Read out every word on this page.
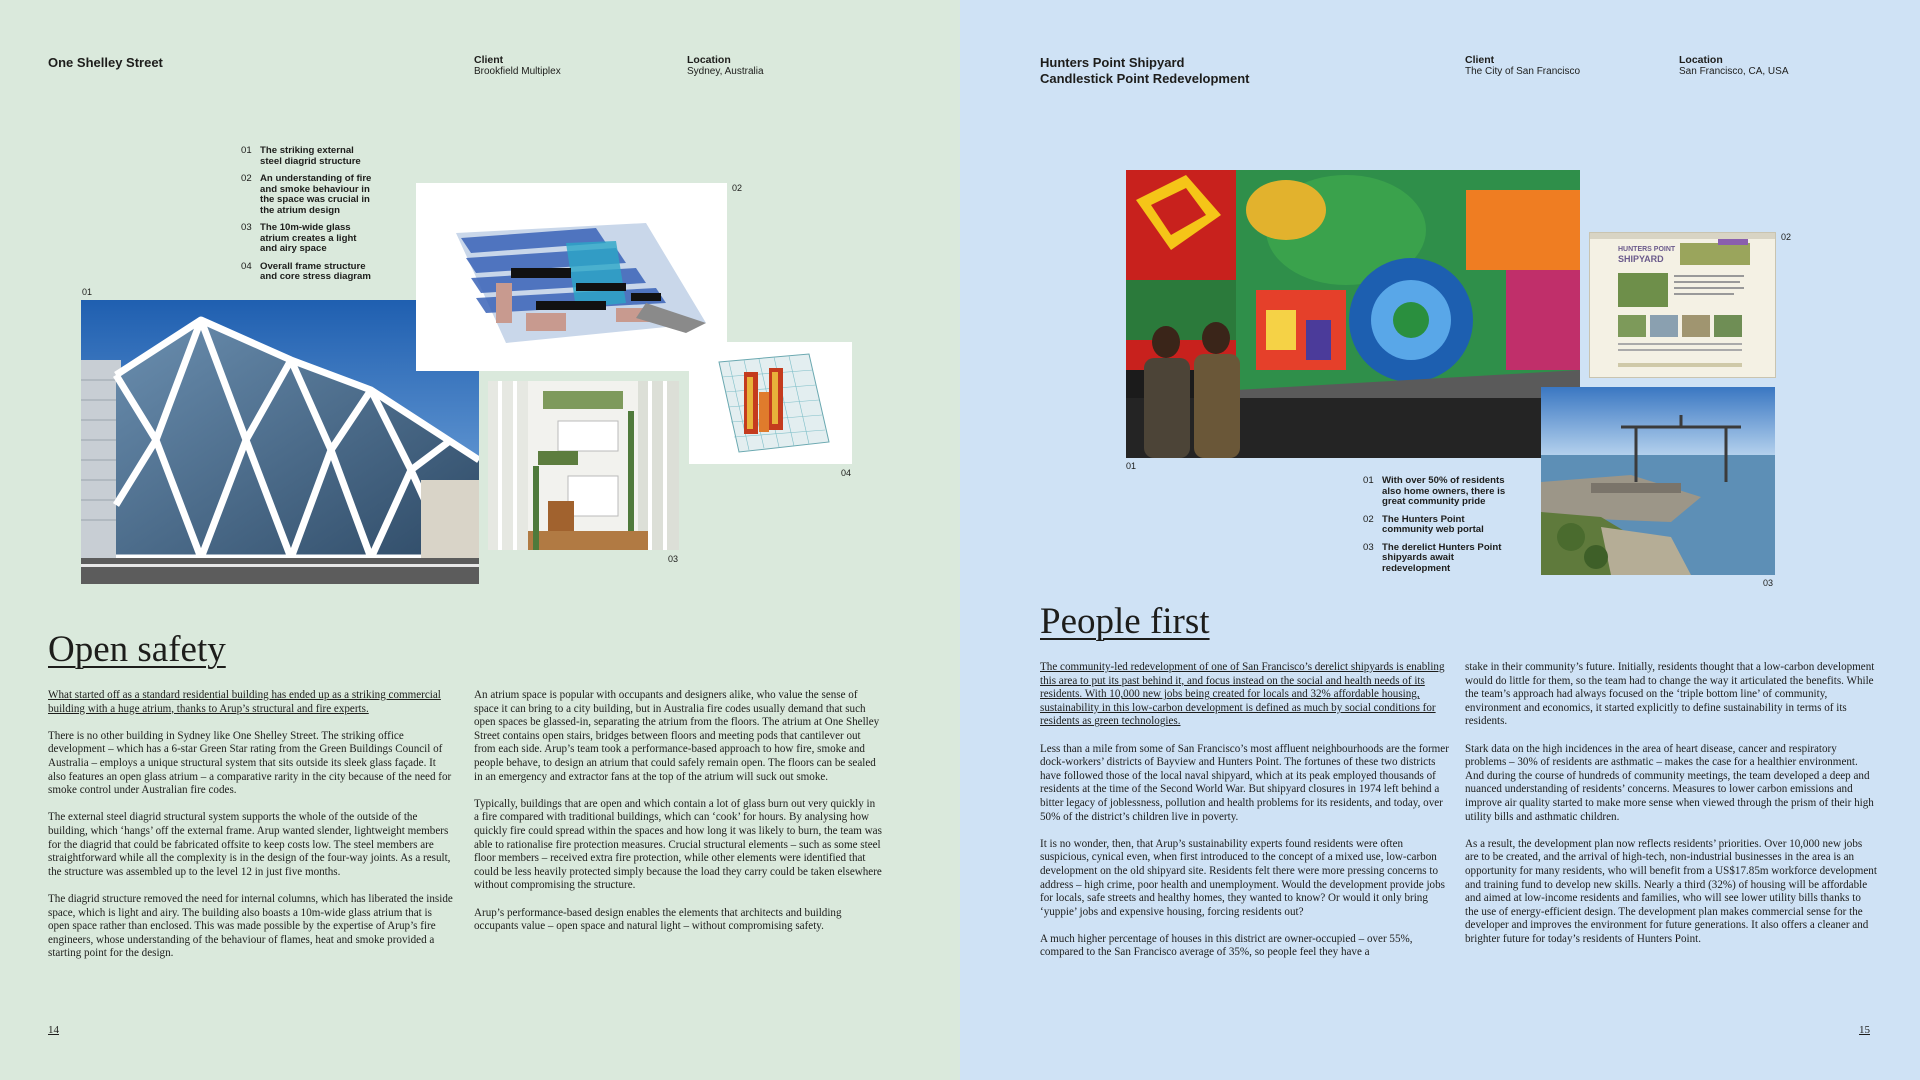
One Shelley Street	Client
Brookfield Multiplex
Location
Sydney, Australia
01 The striking external steel diagrid structure
02 An understanding of fire and smoke behaviour in the space was crucial in the atrium design
03 The 10m-wide glass atrium creates a light and airy space
04 Overall frame structure and core stress diagram
01
02
03
04
Open safety

What started off as a standard residential building has ended up as a striking commercial building with a huge atrium, thanks to Arup’s structural and fire experts.

There is no other building in Sydney like One Shelley Street. The striking office development – which has a 6-star Green Star rating from the Green Buildings Council of Australia – employs a unique structural system that sits outside its sleek glass façade. It also features an open glass atrium – a comparative rarity in the city because of the need for smoke control under Australian fire codes.

The external steel diagrid structural system supports the whole of the outside of the building, which ‘hangs’ off the external frame. Arup wanted slender, lightweight members for the diagrid that could be fabricated offsite to keep costs low. The steel members are straightforward while all the complexity is in the design of the four-way joints. As a result, the structure was assembled up to the level 12 in just five months.

The diagrid structure removed the need for internal columns, which has liberated the inside space, which is light and airy. The building also boasts a 10m-wide glass atrium that is open space rather than enclosed. This was made possible by the expertise of Arup’s fire engineers, whose understanding of the behaviour of flames, heat and smoke provided a starting point for the design.

An atrium space is popular with occupants and designers alike, who value the sense of space it can bring to a city building, but in Australia fire codes usually demand that such open spaces be glassed-in, separating the atrium from the floors. The atrium at One Shelley Street contains open stairs, bridges between floors and meeting pods that cantilever out from each side. Arup’s team took a performance-based approach to how fire, smoke and people behave, to design an atrium that could safely remain open. The floors can be sealed in an emergency and extractor fans at the top of the atrium will suck out smoke.

Typically, buildings that are open and which contain a lot of glass burn out very quickly in a fire compared with traditional buildings, which can ‘cook’ for hours. By analysing how quickly fire could spread within the spaces and how long it was likely to burn, the team was able to rationalise fire protection measures. Crucial structural elements – such as some steel floor members – received extra fire protection, while other elements were identified that could be less heavily protected simply because the load they carry could be taken elsewhere without compromising the structure.

Arup’s performance-based design enables the elements that architects and building occupants value – open space and natural light – without compromising safety.

14
Hunters Point Shipyard
Candlestick Point Redevelopment
Client
The City of San Francisco
Location
San Francisco, CA, USA
01
HUNTERS POINT
SHIPYARD
02
03
01 With over 50% of residents also home owners, there is great community pride
02 The Hunters Point community web portal
03 The derelict Hunters Point shipyards await redevelopment
People first

The community-led redevelopment of one of San Francisco’s derelict shipyards is enabling this area to put its past behind it, and focus instead on the social and health needs of its residents. With 10,000 new jobs being created for locals and 32% affordable housing, sustainability in this low-carbon development is defined as much by social conditions for residents as green technologies.

Less than a mile from some of San Francisco’s most affluent neighbourhoods are the former dock-workers’ districts of Bayview and Hunters Point. The fortunes of these two districts have followed those of the local naval shipyard, which at its peak employed thousands of residents at the time of the Second World War. But shipyard closures in 1974 left behind a bitter legacy of joblessness, pollution and health problems for its residents, and today, over 50% of the district’s children live in poverty.

It is no wonder, then, that Arup’s sustainability experts found residents were often suspicious, cynical even, when first introduced to the concept of a mixed use, low-carbon development on the old shipyard site. Residents felt there were more pressing concerns to address – high crime, poor health and unemployment. Would the development provide jobs for locals, safe streets and healthy homes, they wanted to know? Or would it only bring ‘yuppie’ jobs and expensive housing, forcing residents out?

A much higher percentage of houses in this district are owner-occupied – over 55%, compared to the San Francisco average of 35%, so people feel they have a

stake in their community’s future. Initially, residents thought that a low-carbon development would do little for them, so the team had to change the way it articulated the benefits. While the team’s approach had always focused on the ‘triple bottom line’ of community, environment and economics, it started explicitly to define sustainability in terms of its residents.

Stark data on the high incidences in the area of heart disease, cancer and respiratory problems – 30% of residents are asthmatic – makes the case for a healthier environment. And during the course of hundreds of community meetings, the team developed a deep and nuanced understanding of residents’ concerns. Measures to lower carbon emissions and improve air quality started to make more sense when viewed through the prism of their high utility bills and asthmatic children.

As a result, the development plan now reflects residents’ priorities. Over 10,000 new jobs are to be created, and the arrival of high-tech, non-industrial businesses in the area is an opportunity for many residents, who will benefit from a US$17.85m workforce development and training fund to develop new skills. Nearly a third (32%) of housing will be affordable and aimed at low-income residents and families, who will see lower utility bills thanks to the use of energy-efficient design. The development plan makes commercial sense for the developer and improves the environment for future generations. It also offers a cleaner and brighter future for today’s residents of Hunters Point.

15
